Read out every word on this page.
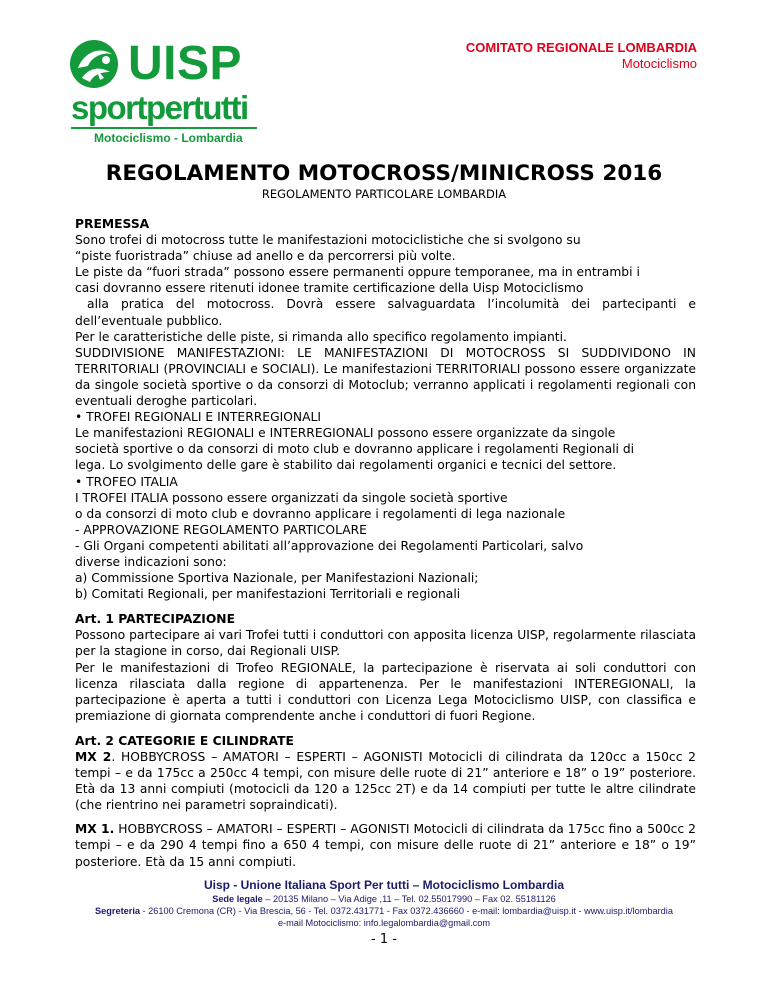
UISP
sportpertutti
Motociclismo - Lombardia
COMITATO REGIONALE LOMBARDIA
Motociclismo
REGOLAMENTO MOTOCROSS/MINICROSS 2016
REGOLAMENTO PARTICOLARE LOMBARDIA

PREMESSA

Sono trofei di motocross tutte le manifestazioni motociclistiche che si svolgono su

“piste fuoristrada” chiuse ad anello e da percorrersi più volte.

Le piste da “fuori strada” possono essere permanenti oppure temporanee, ma in entrambi i

casi dovranno essere ritenuti idonee tramite certificazione della Uisp Motociclismo

alla pratica del motocross. Dovrà essere salvaguardata l’incolumità dei partecipanti e dell’eventuale pubblico.

Per le caratteristiche delle piste, si rimanda allo specifico regolamento impianti.

SUDDIVISIONE MANIFESTAZIONI: LE MANIFESTAZIONI DI MOTOCROSS SI SUDDIVIDONO IN TERRITORIALI (PROVINCIALI e SOCIALI). Le manifestazioni TERRITORIALI possono essere organizzate da singole società sportive o da consorzi di Motoclub; verranno applicati i regolamenti regionali con eventuali deroghe particolari.

• TROFEI REGIONALI E INTERREGIONALI

Le manifestazioni REGIONALI e INTERREGIONALI possono essere organizzate da singole

società sportive o da consorzi di moto club e dovranno applicare i regolamenti Regionali di

lega. Lo svolgimento delle gare è stabilito dai regolamenti organici e tecnici del settore.

• TROFEO ITALIA

I TROFEI ITALIA possono essere organizzati da singole società sportive

o da consorzi di moto club e dovranno applicare i regolamenti di lega nazionale

- APPROVAZIONE REGOLAMENTO PARTICOLARE

- Gli Organi competenti abilitati all’approvazione dei Regolamenti Particolari, salvo

diverse indicazioni sono:

a) Commissione Sportiva Nazionale, per Manifestazioni Nazionali;

b) Comitati Regionali, per manifestazioni Territoriali e regionali

Art. 1 PARTECIPAZIONE

Possono partecipare ai vari Trofei tutti i conduttori con apposita licenza UISP, regolarmente rilasciata per la stagione in corso, dai Regionali UISP.

Per le manifestazioni di Trofeo REGIONALE, la partecipazione è riservata ai soli conduttori con licenza rilasciata dalla regione di appartenenza. Per le manifestazioni INTEREGIONALI, la partecipazione è aperta a tutti i conduttori con Licenza Lega Motociclismo UISP, con classifica e premiazione di giornata comprendente anche i conduttori di fuori Regione.

Art. 2 CATEGORIE E CILINDRATE

MX 2. HOBBYCROSS – AMATORI – ESPERTI – AGONISTI Motocicli di cilindrata da 120cc a 150cc 2 tempi – e da 175cc a 250cc 4 tempi, con misure delle ruote di 21” anteriore e 18” o 19” posteriore. Età da 13 anni compiuti (motocicli da 120 a 125cc 2T) e da 14 compiuti per tutte le altre cilindrate (che rientrino nei parametri sopraindicati).

MX 1. HOBBYCROSS – AMATORI – ESPERTI – AGONISTI Motocicli di cilindrata da 175cc fino a 500cc 2 tempi – e da 290 4 tempi fino a 650 4 tempi, con misure delle ruote di 21” anteriore e 18” o 19” posteriore. Età da 15 anni compiuti.

Uisp - Unione Italiana Sport Per tutti – Motociclismo Lombardia
Sede legale – 20135 Milano – Via Adige ,11 – Tel. 02.55017990 – Fax 02. 55181126
Segreteria - 26100 Cremona (CR) - Via Brescia, 56 - Tel. 0372.431771 - Fax 0372.436660 - e-mail: lombardia@uisp.it - www.uisp.it/lombardia
e-mail Motociclismo: info.legalombardia@gmail.com
- 1 -
